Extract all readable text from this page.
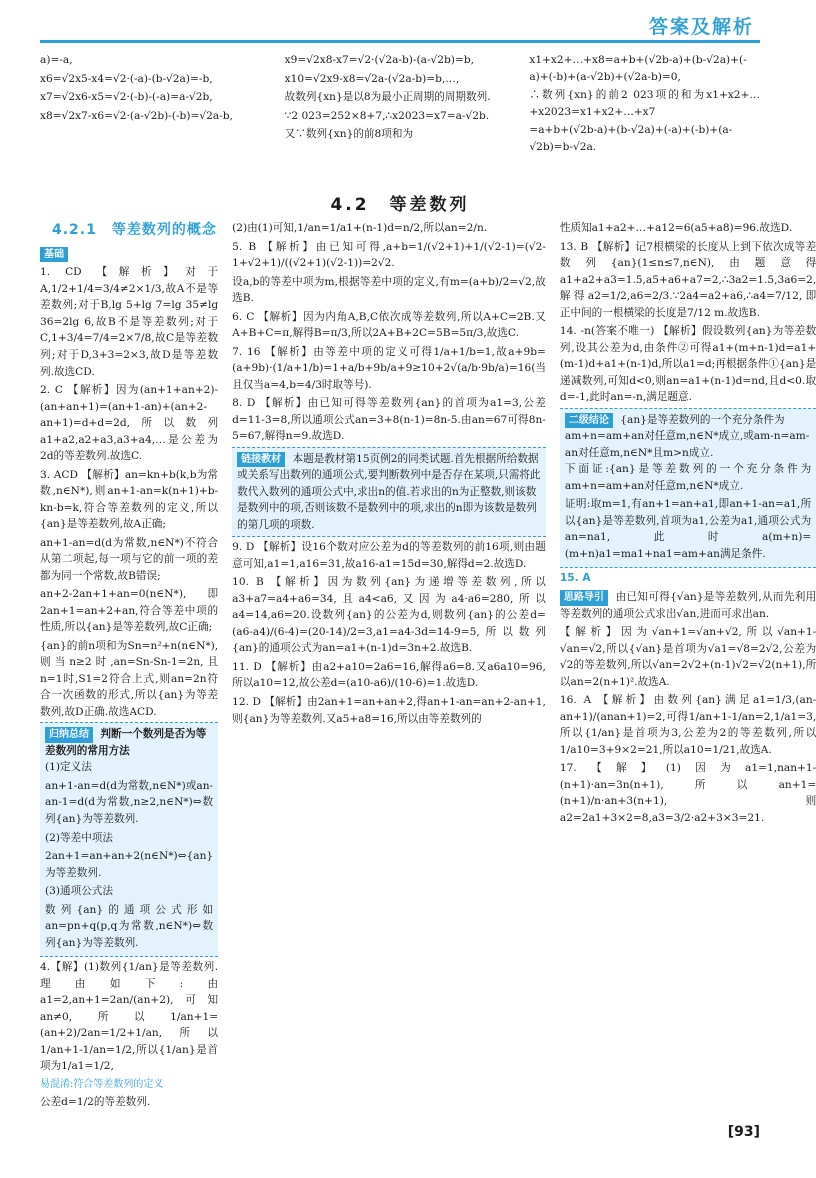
答案及解析

a)=-a,

x6=√2x5-x4=√2·(-a)-(b-√2a)=-b,

x7=√2x6-x5=√2·(-b)-(-a)=a-√2b,

x8=√2x7-x6=√2·(a-√2b)-(-b)=√2a-b,

x9=√2x8-x7=√2·(√2a-b)-(a-√2b)=b,

x10=√2x9-x8=√2a-(√2a-b)=b,…,

故数列{xn}是以8为最小正周期的周期数列.

∵2 023=252×8+7,∴x2023=x7=a-√2b.

又∵数列{xn}的前8项和为

x1+x2+…+x8=a+b+(√2b-a)+(b-√2a)+(-a)+(-b)+(a-√2b)+(√2a-b)=0,

∴数列{xn}的前2 023项的和为x1+x2+…+x2023=x1+x2+…+x7

=a+b+(√2b-a)+(b-√2a)+(-a)+(-b)+(a-√2b)=b-√2a.

4.2　等差数列
4.2.1　等差数列的概念

基础

1. CD 【解析】对于A,1/2+1/4=3/4≠2×1/3,故A不是等差数列;对于B,lg 5+lg 7=lg 35≠lg 36=2lg 6,故B不是等差数列;对于C,1+3/4=7/4=2×7/8,故C是等差数列;对于D,3+3=2×3,故D是等差数列.故选CD.

2. C 【解析】因为(an+1+an+2)-(an+an+1)=(an+1-an)+(an+2-an+1)=d+d=2d,所以数列a1+a2,a2+a3,a3+a4,…是公差为2d的等差数列.故选C.

3. ACD 【解析】an=kn+b(k,b为常数,n∈N*),则an+1-an=k(n+1)+b-kn-b=k,符合等差数列的定义,所以{an}是等差数列,故A正确;

an+1-an=d(d为常数,n∈N*)不符合从第二项起,每一项与它的前一项的差都为同一个常数,故B错误;

an+2-2an+1+an=0(n∈N*),即2an+1=an+2+an,符合等差中项的性质,所以{an}是等差数列,故C正确;

{an}的前n项和为Sn=n²+n(n∈N*),则当n≥2时,an=Sn-Sn-1=2n,且n=1时,S1=2符合上式,则an=2n符合一次函数的形式,所以{an}为等差数列,故D正确.故选ACD.

归纳总结 判断一个数列是否为等差数列的常用方法

(1)定义法

an+1-an=d(d为常数,n∈N*)或an-an-1=d(d为常数,n≥2,n∈N*)⇔数列{an}为等差数列.

(2)等差中项法

2an+1=an+an+2(n∈N*)⇔{an}为等差数列.

(3)通项公式法

数列{an}的通项公式形如an=pn+q(p,q为常数,n∈N*)⇔数列{an}为等差数列.

4.【解】(1)数列{1/an}是等差数列.理由如下:由a1=2,an+1=2an/(an+2),可知an≠0,所以1/an+1=(an+2)/2an=1/2+1/an,所以1/an+1-1/an=1/2,所以{1/an}是首项为1/a1=1/2,

易混淆:符合等差数列的定义

公差d=1/2的等差数列.

(2)由(1)可知,1/an=1/a1+(n-1)d=n/2,所以an=2/n.

5. B 【解析】由已知可得,a+b=1/(√2+1)+1/(√2-1)=(√2-1+√2+1)/((√2+1)(√2-1))=2√2.

设a,b的等差中项为m,根据等差中项的定义,有m=(a+b)/2=√2,故选B.

6. C 【解析】因为内角A,B,C依次成等差数列,所以A+C=2B.又A+B+C=π,解得B=π/3,所以2A+B+2C=5B=5π/3,故选C.

7. 16 【解析】由等差中项的定义可得1/a+1/b=1,故a+9b=(a+9b)·(1/a+1/b)=1+a/b+9b/a+9≥10+2√(a/b·9b/a)=16(当且仅当a=4,b=4/3时取等号).

8. D 【解析】由已知可得等差数列{an}的首项为a1=3,公差d=11-3=8,所以通项公式an=3+8(n-1)=8n-5.由an=67可得8n-5=67,解得n=9.故选D.

链接教材 本题是教材第15页例2的同类试题.首先根据所给数据或关系写出数列的通项公式,要判断数列中是否存在某项,只需将此数代入数列的通项公式中,求出n的值.若求出的n为正整数,则该数是数列中的项,否则该数不是数列中的项,求出的n即为该数是数列的第几项的项数.

9. D 【解析】设16个数对应公差为d的等差数列的前16项,则由题意可知,a1=1,a16=31,故a16-a1=15d=30,解得d=2.故选D.

10. B 【解析】因为数列{an}为递增等差数列,所以a3+a7=a4+a6=34,且a4<a6,又因为a4·a6=280,所以a4=14,a6=20.设数列{an}的公差为d,则数列{an}的公差d=(a6-a4)/(6-4)=(20-14)/2=3,a1=a4-3d=14-9=5,所以数列{an}的通项公式为an=a1+(n-1)d=3n+2.故选B.

11. D 【解析】由a2+a10=2a6=16,解得a6=8.又a6a10=96,所以a10=12,故公差d=(a10-a6)/(10-6)=1.故选D.

12. D 【解析】由2an+1=an+an+2,得an+1-an=an+2-an+1,则{an}为等差数列.又a5+a8=16,所以由等差数列的

性质知a1+a2+…+a12=6(a5+a8)=96.故选D.

13. B 【解析】记7根横梁的长度从上到下依次成等差数列{an}(1≤n≤7,n∈N),由题意得a1+a2+a3=1.5,a5+a6+a7=2,∴3a2=1.5,3a6=2,解得a2=1/2,a6=2/3.∵2a4=a2+a6,∴a4=7/12,即正中间的一根横梁的长度是7/12 m.故选B.

14. -n(答案不唯一) 【解析】假设数列{an}为等差数列,设其公差为d,由条件②可得a1+(m+n-1)d=a1+(m-1)d+a1+(n-1)d,所以a1=d;再根据条件①{an}是递减数列,可知d<0,则an=a1+(n-1)d=nd,且d<0.取d=-1,此时an=-n,满足题意.

二级结论 {an}是等差数列的一个充分条件为am+n=am+an对任意m,n∈N*成立,或am-n=am-an对任意m,n∈N*且m>n成立.

下面证:{an}是等差数列的一个充分条件为am+n=am+an对任意m,n∈N*成立.

证明:取m=1,有an+1=an+a1,即an+1-an=a1,所以{an}是等差数列,首项为a1,公差为a1,通项公式为an=na1,此时a(m+n)=(m+n)a1=ma1+na1=am+an满足条件.

15. A

思路导引 由已知可得{√an}是等差数列,从而先利用等差数列的通项公式求出√an,进而可求出an.

【解析】因为√an+1=√an+√2,所以√an+1-√an=√2,所以{√an}是首项为√a1=√8=2√2,公差为√2的等差数列,所以√an=2√2+(n-1)√2=√2(n+1),所以an=2(n+1)².故选A.

16. A 【解析】由数列{an}满足a1=1/3,(an-an+1)/(anan+1)=2,可得1/an+1-1/an=2,1/a1=3,所以{1/an}是首项为3,公差为2的等差数列,所以1/a10=3+9×2=21,所以a10=1/21,故选A.

17.【解】(1)因为a1=1,nan+1-(n+1)·an=3n(n+1),所以an+1=(n+1)/n·an+3(n+1),则a2=2a1+3×2=8,a3=3/2·a2+3×3=21.

[93]
